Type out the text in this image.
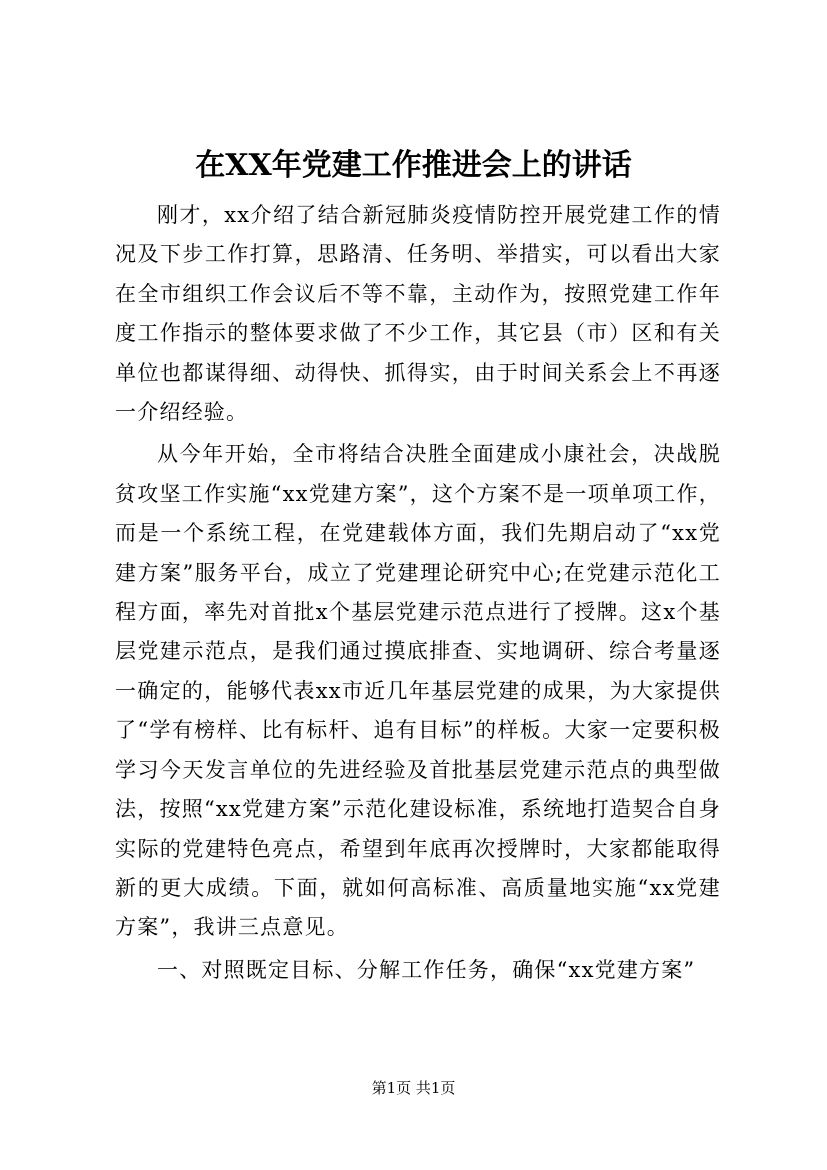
在XX年党建工作推进会上的讲话

刚才，xx介绍了结合新冠肺炎疫情防控开展党建工作的情况及下步工作打算，思路清、任务明、举措实，可以看出大家在全市组织工作会议后不等不靠，主动作为，按照党建工作年度工作指示的整体要求做了不少工作，其它县（市）区和有关单位也都谋得细、动得快、抓得实，由于时间关系会上不再逐一介绍经验。

从今年开始，全市将结合决胜全面建成小康社会，决战脱贫攻坚工作实施“xx党建方案”，这个方案不是一项单项工作，而是一个系统工程，在党建载体方面，我们先期启动了“xx党建方案”服务平台，成立了党建理论研究中心;在党建示范化工程方面，率先对首批x个基层党建示范点进行了授牌。这x个基层党建示范点，是我们通过摸底排查、实地调研、综合考量逐一确定的，能够代表xx市近几年基层党建的成果，为大家提供了“学有榜样、比有标杆、追有目标”的样板。大家一定要积极学习今天发言单位的先进经验及首批基层党建示范点的典型做法，按照“xx党建方案”示范化建设标准，系统地打造契合自身实际的党建特色亮点，希望到年底再次授牌时，大家都能取得新的更大成绩。下面，就如何高标准、高质量地实施“xx党建方案”，我讲三点意见。

一、对照既定目标、分解工作任务，确保“xx党建方案”

第1页 共1页
